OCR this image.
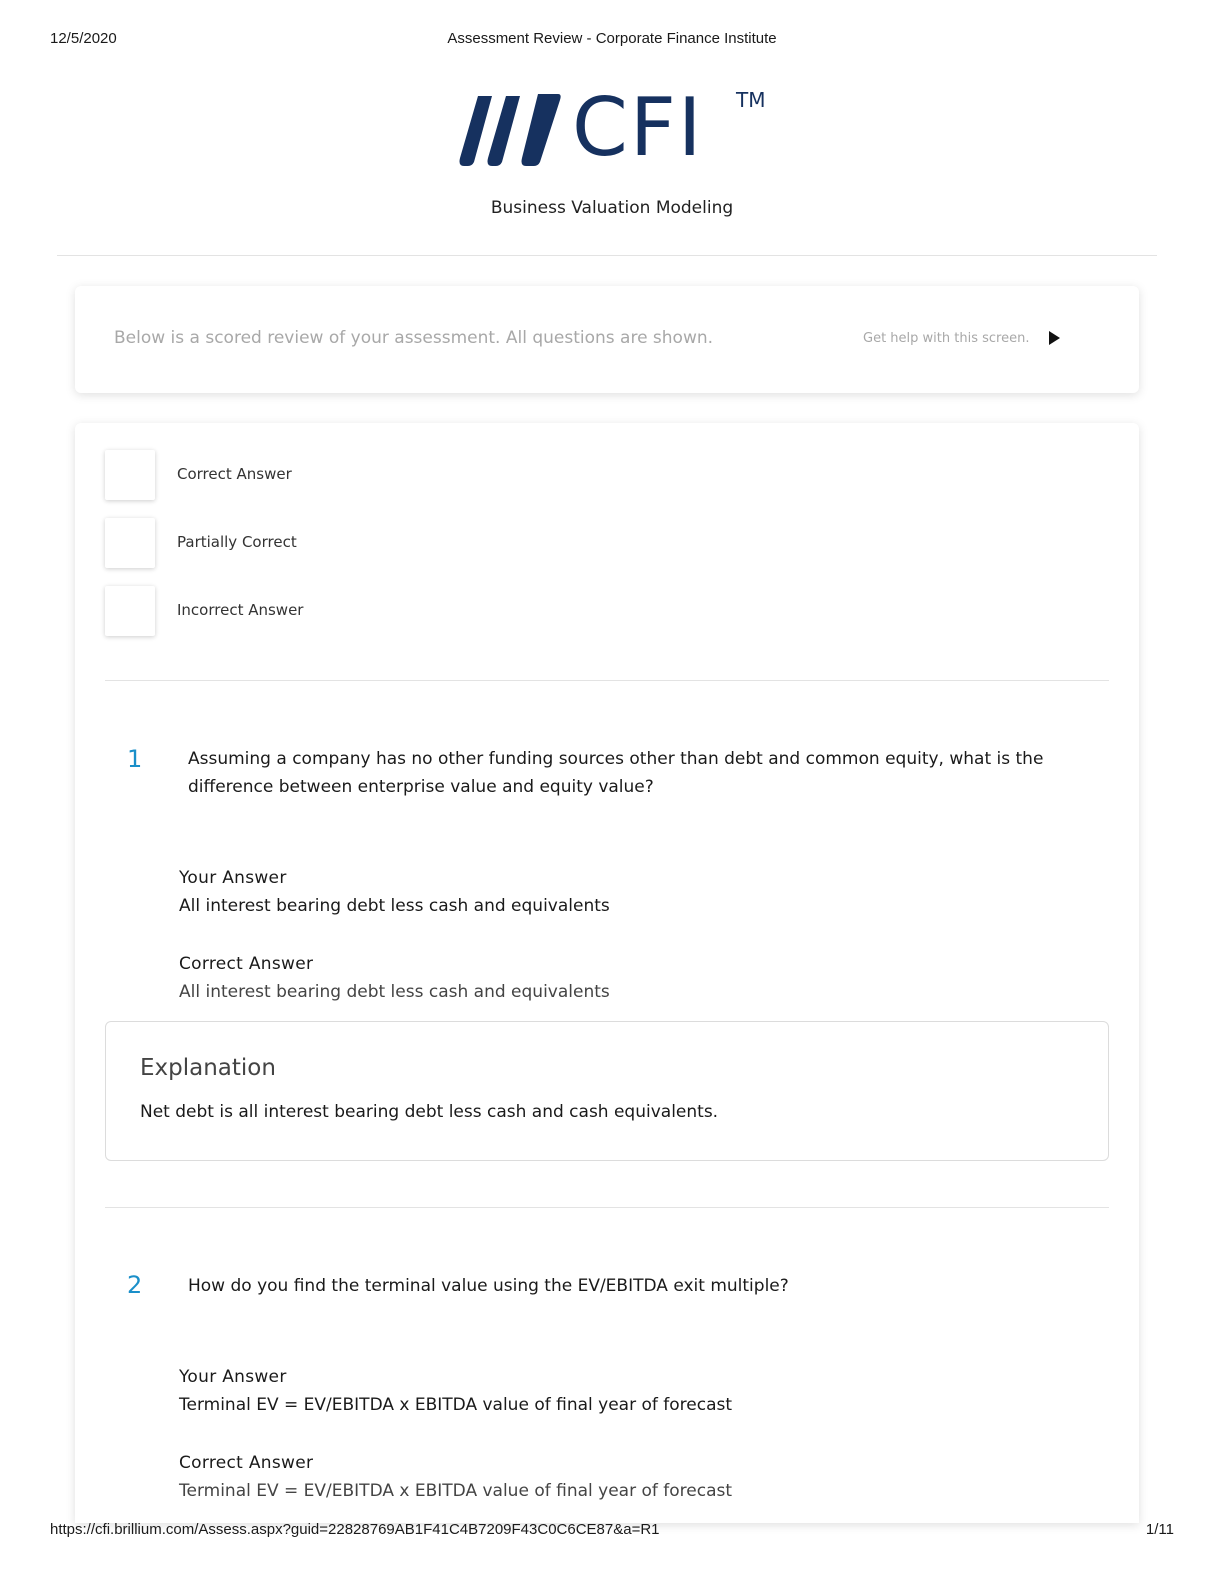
12/5/2020	Assessment Review - Corporate Finance Institute
CFI TM
Business Valuation Modeling
Below is a scored review of your assessment. All questions are shown.	Get help with this screen.
Correct Answer
Partially Correct
Incorrect Answer
1	Assuming a company has no other funding sources other than debt and common equity, what is the difference between enterprise value and equity value?
Your Answer
All interest bearing debt less cash and equivalents
Correct Answer
All interest bearing debt less cash and equivalents
Explanation
Net debt is all interest bearing debt less cash and cash equivalents.
2	How do you find the terminal value using the EV/EBITDA exit multiple?
Your Answer
Terminal EV = EV/EBITDA x EBITDA value of final year of forecast
Correct Answer
Terminal EV = EV/EBITDA x EBITDA value of final year of forecast
https://cfi.brillium.com/Assess.aspx?guid=22828769AB1F41C4B7209F43C0C6CE87&a=R1	1/11
